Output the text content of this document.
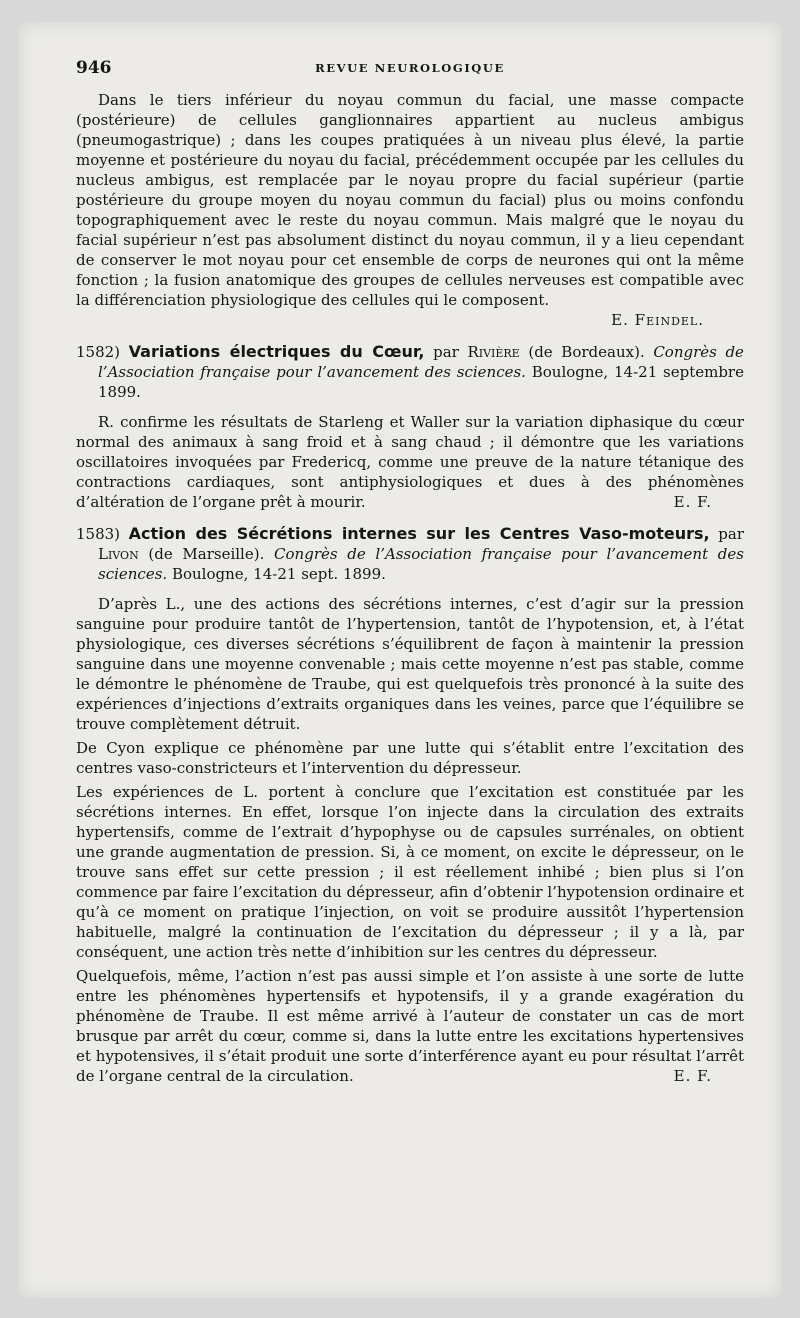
946	REVUE NEUROLOGIQUE

Dans le tiers inférieur du noyau commun du facial, une masse compacte (postérieure) de cellules ganglionnaires appartient au nucleus ambigus (pneumogastrique) ; dans les coupes pratiquées à un niveau plus élevé, la partie moyenne et postérieure du noyau du facial, précédemment occupée par les cellules du nucleus ambigus, est remplacée par le noyau propre du facial supérieur (partie postérieure du groupe moyen du noyau commun du facial) plus ou moins confondu topographiquement avec le reste du noyau commun. Mais malgré que le noyau du facial supérieur n’est pas absolument distinct du noyau commun, il y a lieu cependant de conserver le mot noyau pour cet ensemble de corps de neurones qui ont la même fonction ; la fusion anatomique des groupes de cellules nerveuses est compatible avec la différenciation physiologique des cellules qui le composent.

E. Feindel.
1582) Variations électriques du Cœur, par Rivière (de Bordeaux). Congrès de l’Association française pour l’avancement des sciences. Boulogne, 14-21 septembre 1899.

R. confirme les résultats de Starleng et Waller sur la variation diphasique du cœur normal des animaux à sang froid et à sang chaud ; il démontre que les variations oscillatoires invoquées par Fredericq, comme une preuve de la nature tétanique des contractions cardiaques, sont antiphysiologiques et dues à des phénomènes d’altération de l’organe prêt à mourir.	E. F.

1583) Action des Sécrétions internes sur les Centres Vaso-moteurs, par Livon (de Marseille). Congrès de l’Association française pour l’avancement des sciences. Boulogne, 14-21 sept. 1899.

D’après L., une des actions des sécrétions internes, c’est d’agir sur la pression sanguine pour produire tantôt de l’hypertension, tantôt de l’hypotension, et, à l’état physiologique, ces diverses sécrétions s’équilibrent de façon à maintenir la pression sanguine dans une moyenne convenable ; mais cette moyenne n’est pas stable, comme le démontre le phénomène de Traube, qui est quelquefois très prononcé à la suite des expériences d’injections d’extraits organiques dans les veines, parce que l’équilibre se trouve complètement détruit.

De Cyon explique ce phénomène par une lutte qui s’établit entre l’excitation des centres vaso-constricteurs et l’intervention du dépresseur.

Les expériences de L. portent à conclure que l’excitation est constituée par les sécrétions internes. En effet, lorsque l’on injecte dans la circulation des extraits hypertensifs, comme de l’extrait d’hypophyse ou de capsules surrénales, on obtient une grande augmentation de pression. Si, à ce moment, on excite le dépresseur, on le trouve sans effet sur cette pression ; il est réellement inhibé ; bien plus si l’on commence par faire l’excitation du dépresseur, afin d’obtenir l’hypotension ordinaire et qu’à ce moment on pratique l’injection, on voit se produire aussitôt l’hypertension habituelle, malgré la continuation de l’excitation du dépresseur ; il y a là, par conséquent, une action très nette d’inhibition sur les centres du dépresseur.

Quelquefois, même, l’action n’est pas aussi simple et l’on assiste à une sorte de lutte entre les phénomènes hypertensifs et hypotensifs, il y a grande exagération du phénomène de Traube. Il est même arrivé à l’auteur de constater un cas de mort brusque par arrêt du cœur, comme si, dans la lutte entre les excitations hypertensives et hypotensives, il s’était produit une sorte d’interférence ayant eu pour résultat l’arrêt de l’organe central de la circulation.	E. F.
